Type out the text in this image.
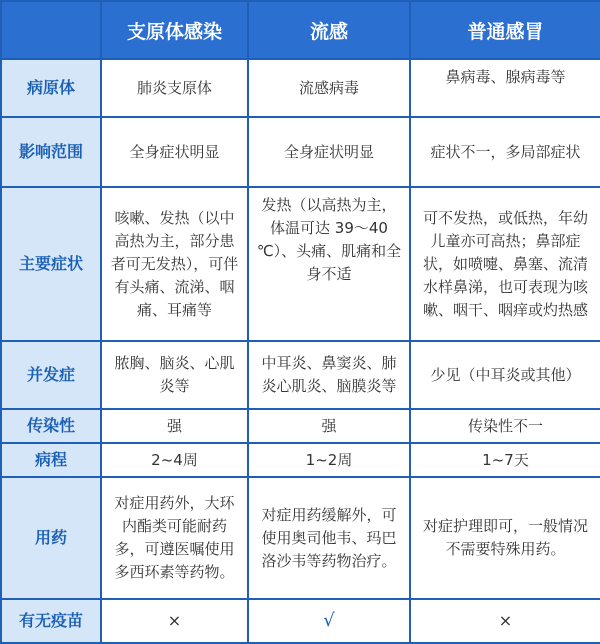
	支原体感染	流感	普通感冒
病原体	肺炎支原体	流感病毒	鼻病毒、腺病毒等
影响范围	全身症状明显	全身症状明显	症状不一，多局部症状
主要症状	咳嗽、发热（以中高热为主，部分患者可无发热），可伴有头痛、流涕、咽痛、耳痛等	发热（以高热为主，体温可达 39～40 ℃）、头痛、肌痛和全身不适	可不发热，或低热，年幼儿童亦可高热；鼻部症状，如喷嚏、鼻塞、流清水样鼻涕，也可表现为咳嗽、咽干、咽痒或灼热感
并发症	脓胸、脑炎、心肌炎等	中耳炎、鼻窦炎、肺炎心肌炎、脑膜炎等	少见（中耳炎或其他）
传染性	强	强	传染性不一
病程	2~4周	1~2周	1~7天
用药	对症用药外，大环内酯类可能耐药多，可遵医嘱使用多西环素等药物。	对症用药缓解外，可使用奥司他韦、玛巴洛沙韦等药物治疗。	对症护理即可，一般情况不需要特殊用药。
有无疫苗	×	√	×
